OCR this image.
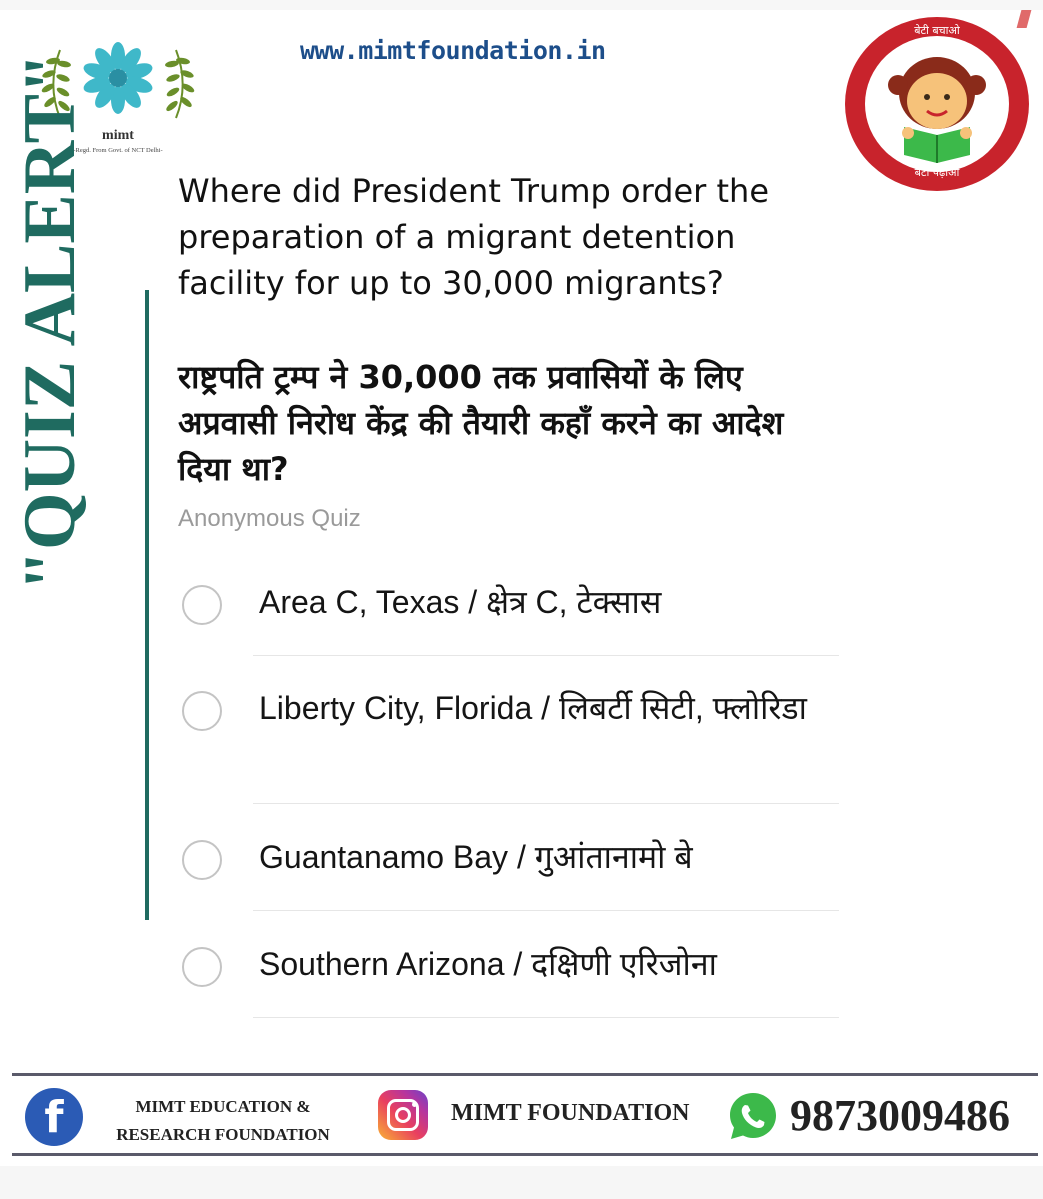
mimt
-Regd. From Govt. of NCT Delhi-
www.mimtfoundation.in
बेटी बचाओ
बेटी पढ़ाओ
"QUIZ ALERT"	Where did President Trump order the preparation of a migrant detention facility for up to 30,000 migrants?
राष्ट्रपति ट्रम्प ने 30,000 तक प्रवासियों के लिए अप्रवासी निरोध केंद्र की तैयारी कहाँ करने का आदेश दिया था?
Anonymous Quiz
Area C, Texas / क्षेत्र C, टेक्सास
Liberty City, Florida / लिबर्टी सिटी, फ्लोरिडा
Guantanamo Bay / गुआंतानामो बे
Southern Arizona / दक्षिणी एरिजोना
f	MIMT EDUCATION &
RESEARCH FOUNDATION
MIMT FOUNDATION 9873009486
